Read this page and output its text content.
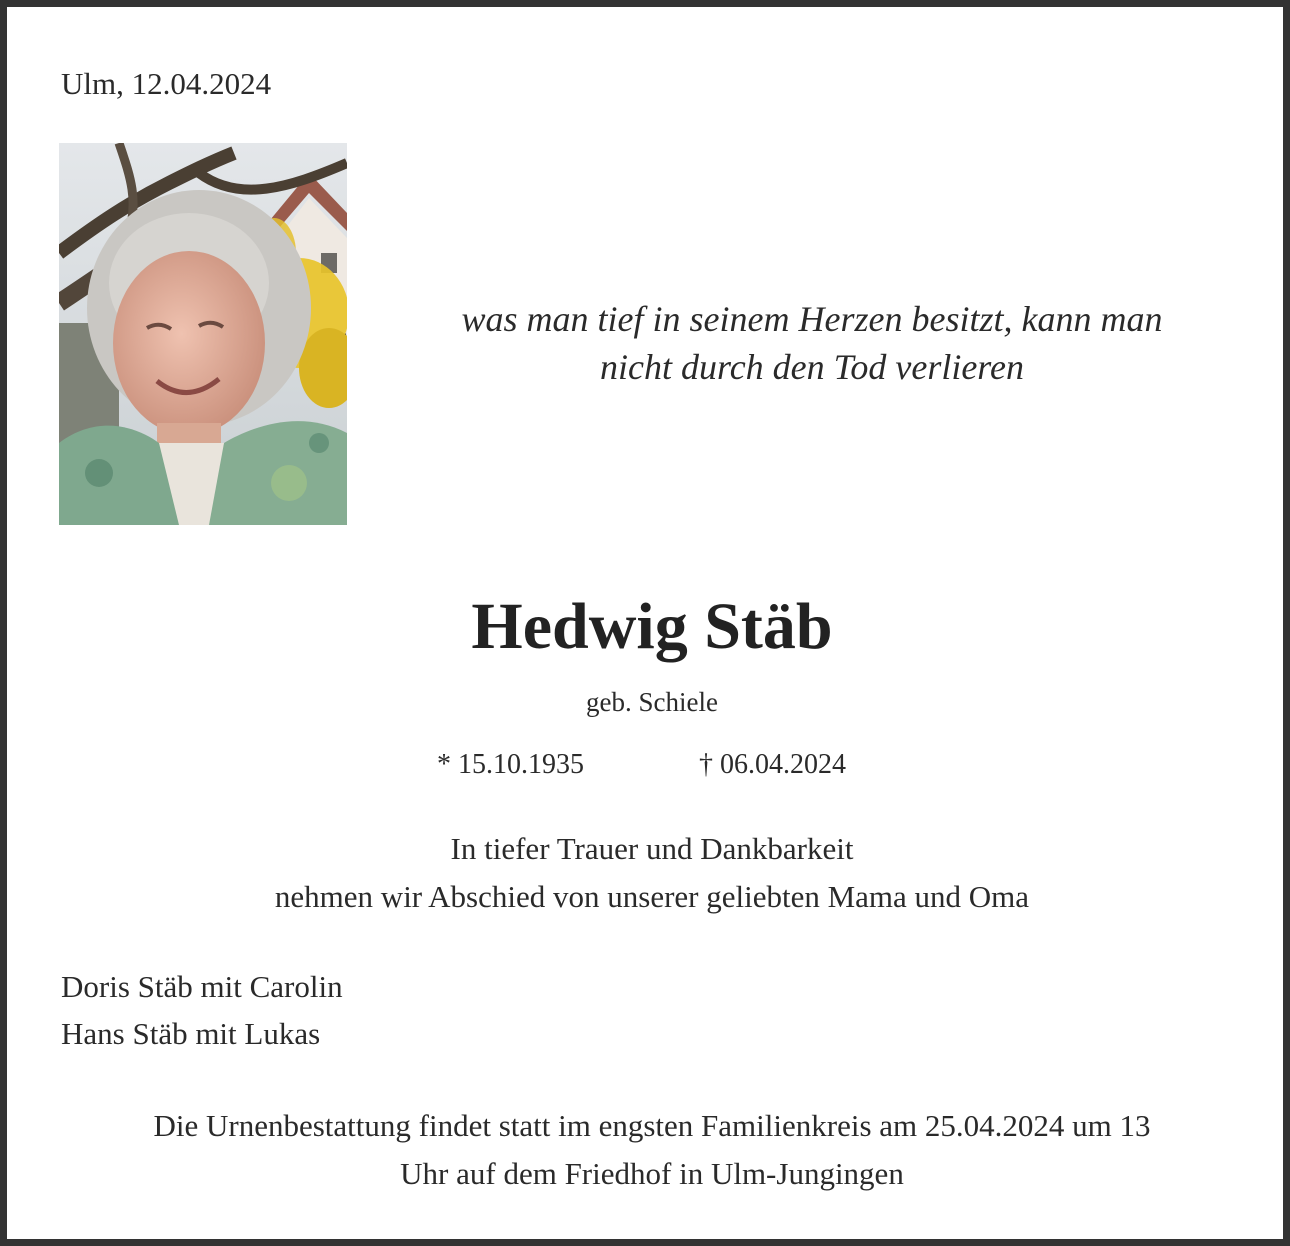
Ulm, 12.04.2024
was man tief in seinem Herzen besitzt, kann man
nicht durch den Tod verlieren
Hedwig Stäb
geb. Schiele
* 15.10.1935	† 06.04.2024
In tiefer Trauer und Dankbarkeit
nehmen wir Abschied von unserer geliebten Mama und Oma
Doris Stäb mit Carolin
Hans Stäb mit Lukas
Die Urnenbestattung findet statt im engsten Familienkreis am 25.04.2024 um 13
Uhr auf dem Friedhof in Ulm-Jungingen
